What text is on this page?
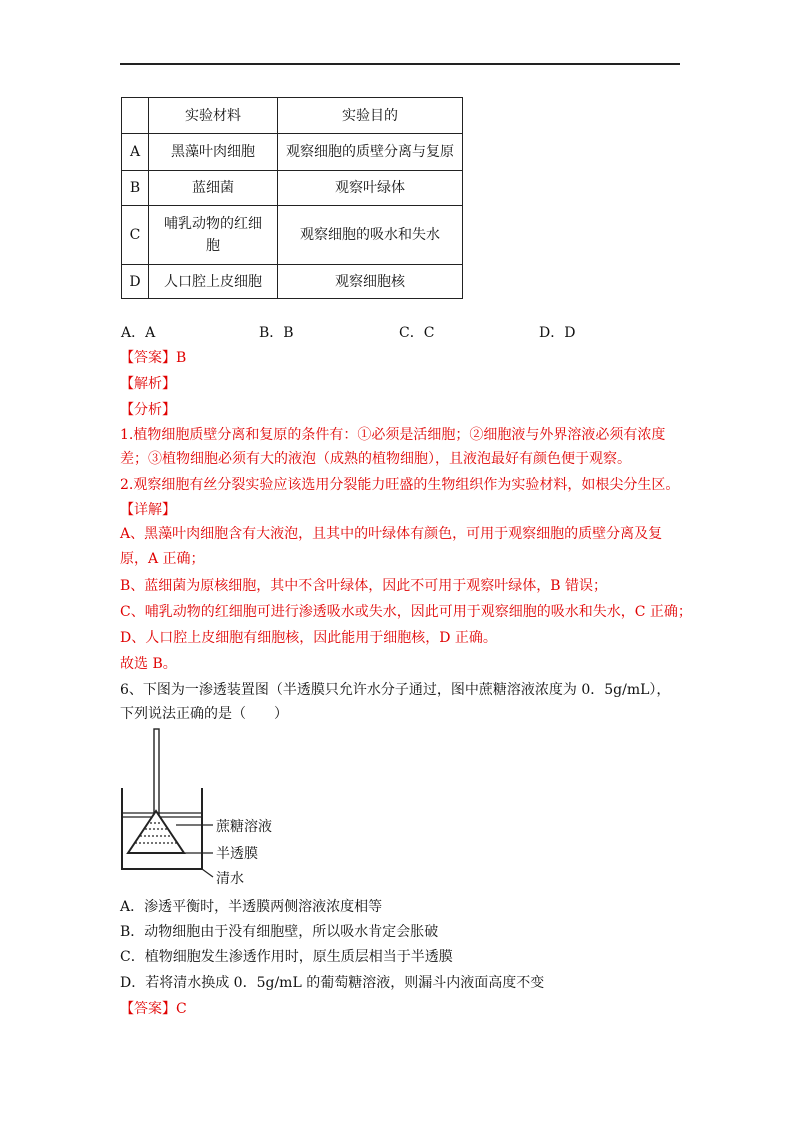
	实验材料	实验目的
A	黑藻叶肉细胞	观察细胞的质壁分离与复原
B	蓝细菌	观察叶绿体
C	哺乳动物的红细胞	观察细胞的吸水和失水
D	人口腔上皮细胞	观察细胞核
A．A	B．B	C．C	D．D
【答案】B
【解析】
【分析】
1.植物细胞质壁分离和复原的条件有：①必须是活细胞；②细胞液与外界溶液必须有浓度
差；③植物细胞必须有大的液泡（成熟的植物细胞），且液泡最好有颜色便于观察。
2.观察细胞有丝分裂实验应该选用分裂能力旺盛的生物组织作为实验材料，如根尖分生区。
【详解】
A、黑藻叶肉细胞含有大液泡，且其中的叶绿体有颜色，可用于观察细胞的质壁分离及复
原，A 正确；
B、蓝细菌为原核细胞，其中不含叶绿体，因此不可用于观察叶绿体，B 错误；
C、哺乳动物的红细胞可进行渗透吸水或失水，因此可用于观察细胞的吸水和失水，C 正确；
D、人口腔上皮细胞有细胞核，因此能用于细胞核，D 正确。
故选 B。
6、下图为一渗透装置图（半透膜只允许水分子通过，图中蔗糖溶液浓度为 0．5g/mL），
下列说法正确的是（　　）
蔗糖溶液
半透膜
清水
A．渗透平衡时，半透膜两侧溶液浓度相等
B．动物细胞由于没有细胞壁，所以吸水肯定会胀破
C．植物细胞发生渗透作用时，原生质层相当于半透膜
D．若将清水换成 0．5g/mL 的葡萄糖溶液，则漏斗内液面高度不变
【答案】C
